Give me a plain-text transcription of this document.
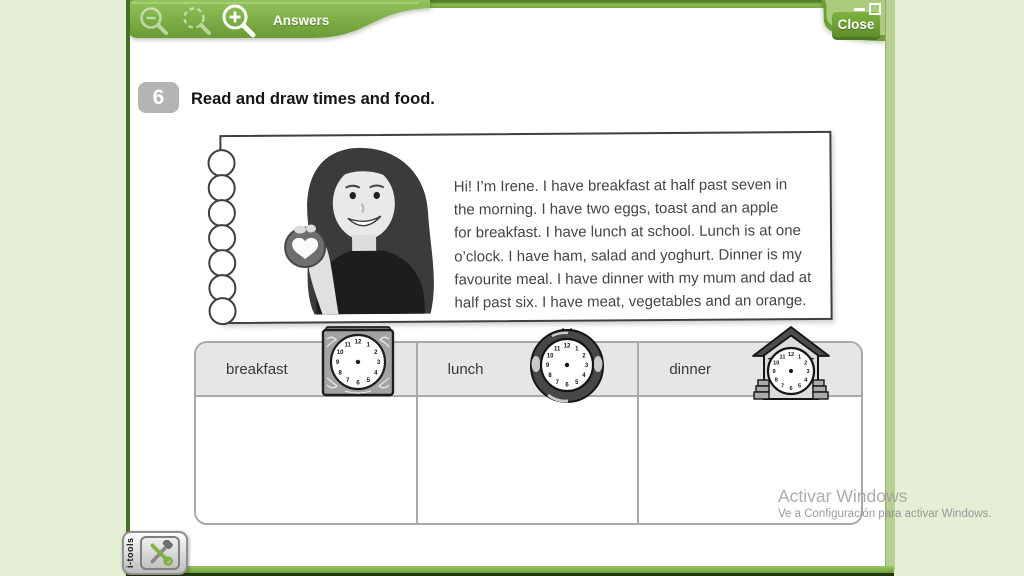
6	Read and draw times and food.
Hi! I’m Irene. I have breakfast at half past seven in
the morning. I have two eggs, toast and an apple
for breakfast. I have lunch at school. Lunch is at one
o’clock. I have ham, salad and yoghurt. Dinner is my
favourite meal. I have dinner with my mum and dad at
half past six. I have meat, vegetables and an orange.
breakfast	lunch	dinner
12 1
2
3
4
5
6
7
8
9
10
11	12 1
2
3
4
5
6
7
8
9
10
11
12 1
2
3
4
5
6
7
8
9
10
11
Answers	Close
i-tools
Activar Windows
Ve a Configuración para activar Windows.
